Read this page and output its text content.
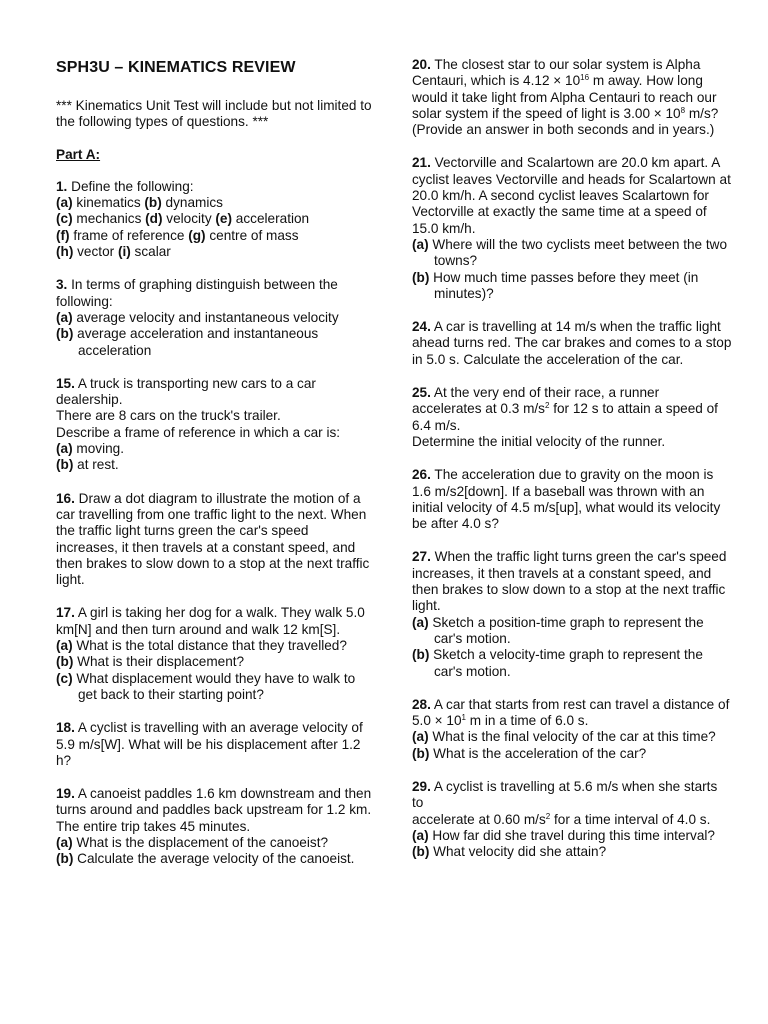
SPH3U – KINEMATICS REVIEW

*** Kinematics Unit Test will include but not limited to the following types of questions. ***

Part A:

1. Define the following:

(a) kinematics (b) dynamics

(c) mechanics (d) velocity (e) acceleration

(f) frame of reference (g) centre of mass

(h) vector (i) scalar

3. In terms of graphing distinguish between the following:

(a) average velocity and instantaneous velocity

(b) average acceleration and instantaneous acceleration

15. A truck is transporting new cars to a car dealership.

There are 8 cars on the truck's trailer.

Describe a frame of reference in which a car is:

(a) moving.

(b) at rest.

16. Draw a dot diagram to illustrate the motion of a car travelling from one traffic light to the next. When the traffic light turns green the car's speed increases, it then travels at a constant speed, and then brakes to slow down to a stop at the next traffic light.

17. A girl is taking her dog for a walk. They walk 5.0 km[N] and then turn around and walk 12 km[S].

(a) What is the total distance that they travelled?

(b) What is their displacement?

(c) What displacement would they have to walk to get back to their starting point?

18. A cyclist is travelling with an average velocity of 5.9 m/s[W]. What will be his displacement after 1.2 h?

19. A canoeist paddles 1.6 km downstream and then turns around and paddles back upstream for 1.2 km. The entire trip takes 45 minutes.

(a) What is the displacement of the canoeist?

(b) Calculate the average velocity of the canoeist.

20. The closest star to our solar system is Alpha Centauri, which is $4.12 \times 10^{16}$ m away. How long would it take light from Alpha Centauri to reach our solar system if the speed of light is $3.00 \times 10^8$ m/s? (Provide an answer in both seconds and in years.)

21. Vectorville and Scalartown are 20.0 km apart. A cyclist leaves Vectorville and heads for Scalartown at 20.0 km/h. A second cyclist leaves Scalartown for Vectorville at exactly the same time at a speed of 15.0 km/h.

(a) Where will the two cyclists meet between the two towns?

(b) How much time passes before they meet (in minutes)?

24. A car is travelling at 14 m/s when the traffic light ahead turns red. The car brakes and comes to a stop in 5.0 s. Calculate the acceleration of the car.

25. At the very end of their race, a runner accelerates at 0.3 $m/s^2$ for 12 s to attain a speed of 6.4 m/s.

Determine the initial velocity of the runner.

26. The acceleration due to gravity on the moon is 1.6 m/s2[down]. If a baseball was thrown with an initial velocity of 4.5 m/s[up], what would its velocity be after 4.0 s?

27. When the traffic light turns green the car's speed increases, it then travels at a constant speed, and then brakes to slow down to a stop at the next traffic light.

(a) Sketch a position-time graph to represent the car's motion.

(b) Sketch a velocity-time graph to represent the car's motion.

28. A car that starts from rest can travel a distance of $5.0 \times 10^1$ m in a time of 6.0 s.

(a) What is the final velocity of the car at this time?

(b) What is the acceleration of the car?

29. A cyclist is travelling at 5.6 m/s when she starts to

accelerate at 0.60 $m/s^2$ for a time interval of 4.0 s.

(a) How far did she travel during this time interval?

(b) What velocity did she attain?
